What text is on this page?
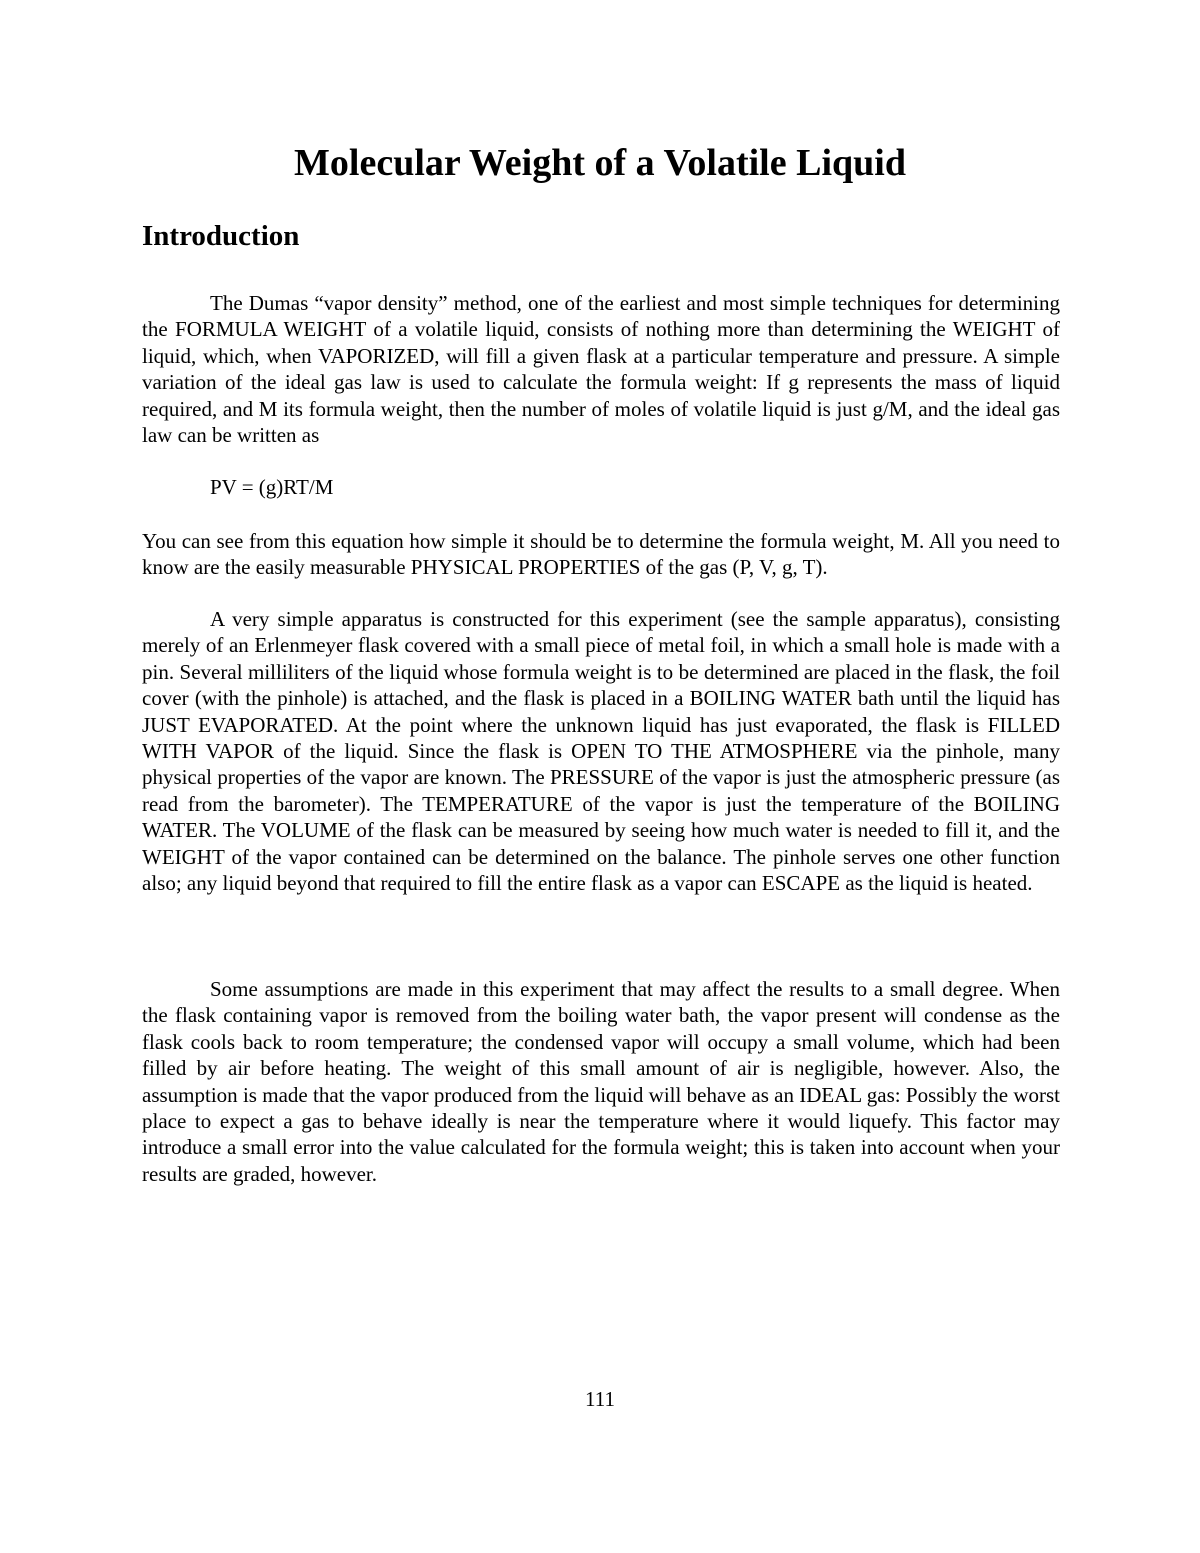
Molecular Weight of a Volatile Liquid
Introduction

The Dumas “vapor density” method, one of the earliest and most simple techniques for determining the FORMULA WEIGHT of a volatile liquid, consists of nothing more than determining the WEIGHT of liquid, which, when VAPORIZED, will fill a given flask at a particular temperature and pressure. A simple variation of the ideal gas law is used to calculate the formula weight: If g represents the mass of liquid required, and M its formula weight, then the number of moles of volatile liquid is just g/M, and the ideal gas law can be written as

PV = (g)RT/M

You can see from this equation how simple it should be to determine the formula weight, M. All you need to know are the easily measurable PHYSICAL PROPERTIES of the gas (P, V, g, T).

A very simple apparatus is constructed for this experiment (see the sample apparatus), consisting merely of an Erlenmeyer flask covered with a small piece of metal foil, in which a small hole is made with a pin. Several milliliters of the liquid whose formula weight is to be determined are placed in the flask, the foil cover (with the pinhole) is attached, and the flask is placed in a BOILING WATER bath until the liquid has JUST EVAPORATED. At the point where the unknown liquid has just evaporated, the flask is FILLED WITH VAPOR of the liquid. Since the flask is OPEN TO THE ATMOSPHERE via the pinhole, many physical properties of the vapor are known. The PRESSURE of the vapor is just the atmospheric pressure (as read from the barometer). The TEMPERATURE of the vapor is just the temperature of the BOILING WATER. The VOLUME of the flask can be measured by seeing how much water is needed to fill it, and the WEIGHT of the vapor contained can be determined on the balance. The pinhole serves one other function also; any liquid beyond that required to fill the entire flask as a vapor can ESCAPE as the liquid is heated.

Some assumptions are made in this experiment that may affect the results to a small degree. When the flask containing vapor is removed from the boiling water bath, the vapor present will condense as the flask cools back to room temperature; the condensed vapor will occupy a small volume, which had been filled by air before heating. The weight of this small amount of air is negligible, however. Also, the assumption is made that the vapor produced from the liquid will behave as an IDEAL gas: Possibly the worst place to expect a gas to behave ideally is near the temperature where it would liquefy. This factor may introduce a small error into the value calculated for the formula weight; this is taken into account when your results are graded, however.

111
